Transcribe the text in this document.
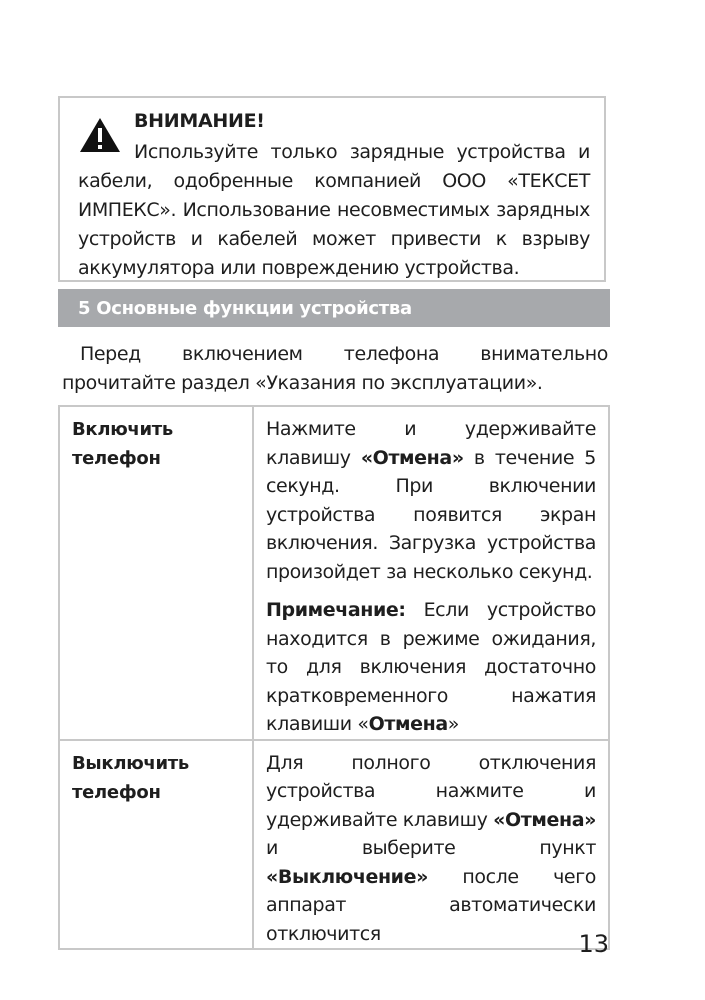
ВНИМАНИЕ!
Используйте только зарядные устройства и кабели, одобренные компанией ООО «ТЕКСЕТ ИМПЕКС». Использование несовместимых зарядных устройств и кабелей может привести к взрыву аккумулятора или повреждению устройства.
5 Основные функции устройства
Перед включением телефона внимательно прочитайте раздел «Указания по эксплуатации».
Включить телефон	Нажмите и удерживайте клавишу «Отмена» в течение 5 секунд. При включении устройства появится экран включения. Загрузка устройства произойдет за несколько секунд.

Примечание: Если устройство находится в режиме ожидания, то для включения достаточно кратковременного нажатия клавиши «Отмена»

Выключить телефон	Для полного отключения устройства нажмите и удерживайте клавишу «Отмена» и выберите пункт «Выключение» после чего аппарат автоматически отключится	13
